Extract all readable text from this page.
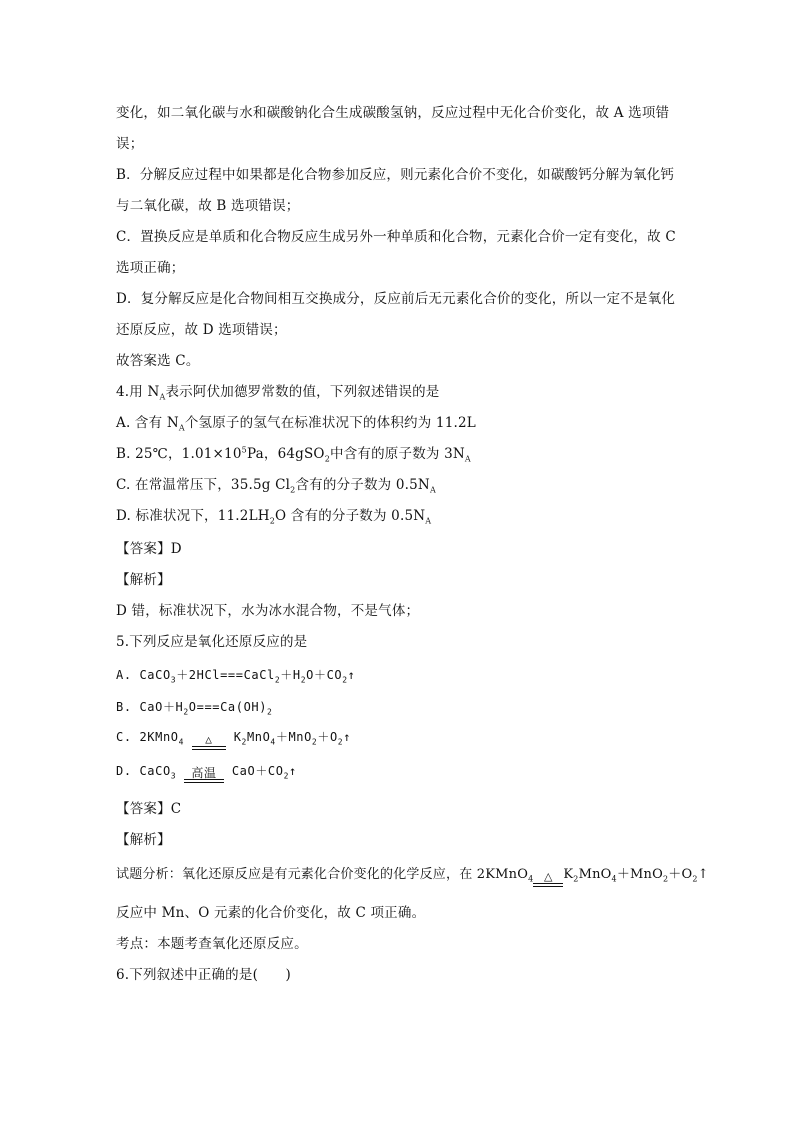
变化，如二氧化碳与水和碳酸钠化合生成碳酸氢钠，反应过程中无化合价变化，故 A 选项错
误；
B．分解反应过程中如果都是化合物参加反应，则元素化合价不变化，如碳酸钙分解为氧化钙
与二氧化碳，故 B 选项错误；
C．置换反应是单质和化合物反应生成另外一种单质和化合物，元素化合价一定有变化，故 C
选项正确；
D．复分解反应是化合物间相互交换成分，反应前后无元素化合价的变化，所以一定不是氧化
还原反应，故 D 选项错误；
故答案选 C。
4.用 $N_A$表示阿伏加德罗常数的值，下列叙述错误的是
A. 含有 $N_A$个氢原子的氢气在标准状况下的体积约为 11.2L
B. 25℃，$1.01\times 10^5Pa$，64gSO$_2$中含有的原子数为 $3N_A$
C. 在常温常压下，35.5g $Cl_2$含有的分子数为 $0.5N_A$
D. 标准状况下，$11.2LH_2O$ 含有的分子数为 $0.5N_A$
【答案】D
【解析】
D 错，标准状况下，水为冰水混合物，不是气体；
5.下列反应是氧化还原反应的是
A. $CaCO_3+2HCl===CaCl_2+H_2O+CO_2↑$
B. $CaO+H_2O===Ca(OH)_2$
C. 2KMnO$_4$	△	$K_2MnO_4+MnO_2+O_2↑$
D. CaCO$_3$	高温	$CaO+CO_2↑$
【答案】C
【解析】
试题分析：氧化还原反应是有元素化合价变化的化学反应，在 2KMnO$_4$ △ $K_2MnO_4+MnO_2+O_2↑$
反应中 Mn、O 元素的化合价变化，故 C 项正确。
考点：本题考查氧化还原反应。
6.下列叙述中正确的是(　　)
